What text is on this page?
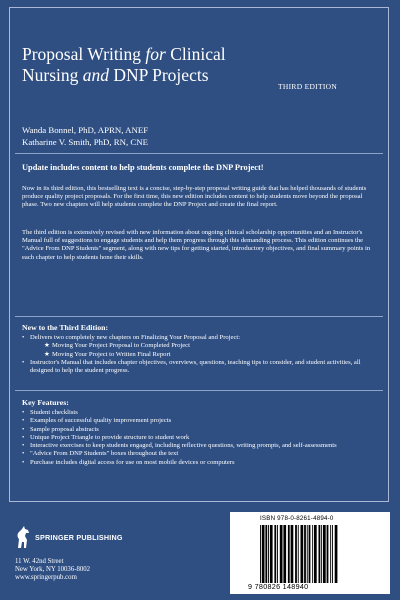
Proposal Writing for Clinical
Nursing and DNP Projects
THIRD EDITION
Wanda Bonnel, PhD, APRN, ANEF
Katharine V. Smith, PhD, RN, CNE
Update includes content to help students complete the DNP Project!

Now in its third edition, this bestselling text is a concise, step-by-step proposal writing guide that has helped thousands of students produce quality project proposals. For the first time, this new edition includes content to help students move beyond the proposal phase. Two new chapters will help students complete the DNP Project and create the final report.

The third edition is extensively revised with new information about ongoing clinical scholarship opportunities and an Instructor's Manual full of suggestions to engage students and help them progress through this demanding process. This edition continues the "Advice From DNP Students" segment, along with new tips for getting started, introductory objectives, and final summary points in each chapter to help students hone their skills.

New to the Third Edition:
• Delivers two completely new chapters on Finalizing Your Proposal and Project:
★ Moving Your Project Proposal to Completed Project
★ Moving Your Project to Written Final Report
• Instructor's Manual that includes chapter objectives, overviews, questions, teaching tips to consider, and student activities, all designed to help the student progress.
Key Features:
• Student checklists
• Examples of successful quality improvement projects
• Sample proposal abstracts
• Unique Project Triangle to provide structure to student work
• Interactive exercises to keep students engaged, including reflective questions, writing prompts, and self-assessments
• "Advice From DNP Students" boxes throughout the text
• Purchase includes digital access for use on most mobile devices or computers
SPRINGER PUBLISHING
11 W. 42nd Street
New York, NY 10036-8002
www.springerpub.com
ISBN 978-0-8261-4894-0
9 780826 148940
